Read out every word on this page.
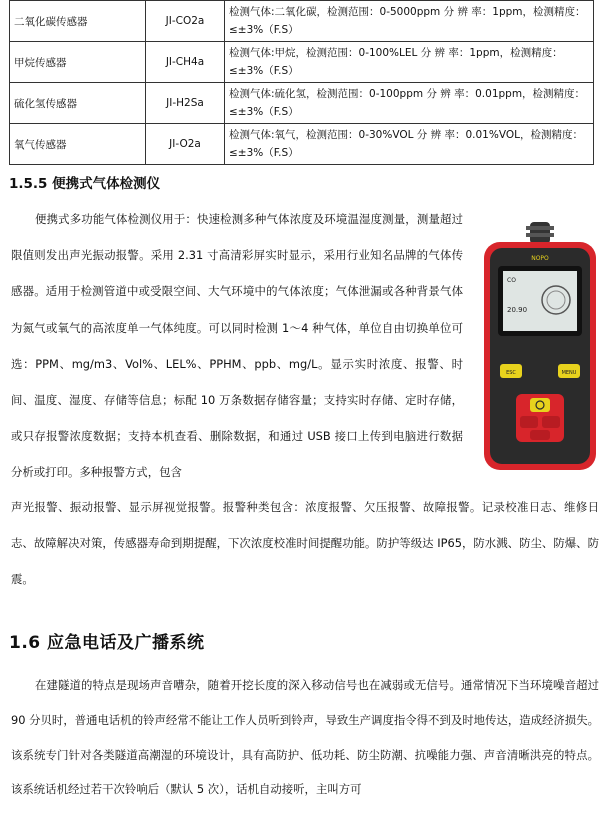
二氧化碳传感器	JI-CO2a	检测气体:二氧化碳，检测范围：0-5000ppm 分 辨 率：1ppm，检测精度：≤±3%（F.S）
甲烷传感器	JI-CH4a	检测气体:甲烷，检测范围：0-100%LEL 分 辨 率：1ppm，检测精度：≤±3%（F.S）
硫化氢传感器	JI-H2Sa	检测气体:硫化氢，检测范围：0-100ppm 分 辨 率：0.01ppm，检测精度：≤±3%（F.S）
氧气传感器	JI-O2a	检测气体:氧气，检测范围：0-30%VOL 分 辨 率：0.01%VOL，检测精度：≤±3%（F.S）
1.5.5 便携式气体检测仪
便携式多功能气体检测仪用于：快速检测多种气体浓度及环境温湿度测量，测量超过限值则发出声光振动报警。采用 2.31 寸高清彩屏实时显示，采用行业知名品牌的气体传感器。适用于检测管道中或受限空间、大气环境中的气体浓度；气体泄漏或各种背景气体为氮气或氧气的高浓度单一气体纯度。可以同时检测 1～4 种气体，单位自由切换单位可选：PPM、mg/m3、Vol%、LEL%、PPHM、ppb、mg/L。显示实时浓度、报警、时间、温度、湿度、存储等信息；标配 10 万条数据存储容量；支持实时存储、定时存储，或只存报警浓度数据；支持本机查看、删除数据，和通过 USB 接口上传到电脑进行数据分析或打印。多种报警方式，包含
NOPO
CO
20.90
ESC	MENU
声光报警、振动报警、显示屏视觉报警。报警种类包含：浓度报警、欠压报警、故障报警。记录校准日志、维修日志、故障解决对策，传感器寿命到期提醒，下次浓度校准时间提醒功能。防护等级达 IP65，防水溅、防尘、防爆、防震。
1.6 应急电话及广播系统
在建隧道的特点是现场声音嘈杂，随着开挖长度的深入移动信号也在减弱或无信号。通常情况下当环境噪音超过 90 分贝时，普通电话机的铃声经常不能让工作人员听到铃声，导致生产调度指令得不到及时地传达，造成经济损失。该系统专门针对各类隧道高潮湿的环境设计，具有高防护、低功耗、防尘防潮、抗噪能力强、声音清晰洪亮的特点。该系统话机经过若干次铃响后（默认 5 次），话机自动接听，主叫方可
